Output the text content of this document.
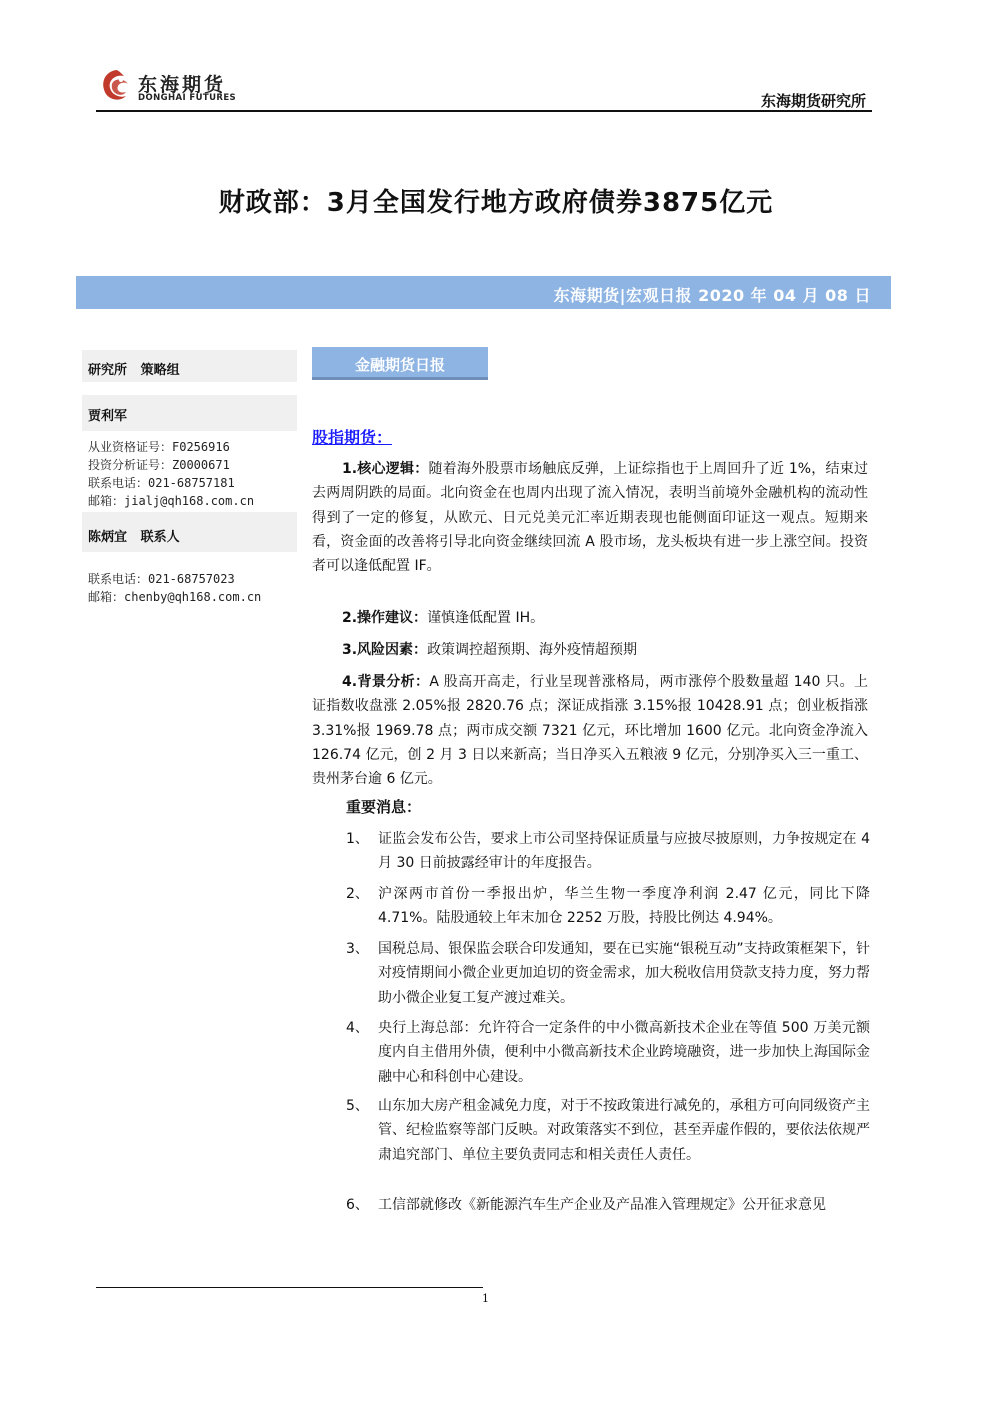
东海期货
DONGHAI FUTURES	东海期货研究所
财政部：3月全国发行地方政府债券3875亿元
东海期货|宏观日报 2020 年 04 月 08 日
研究所   策略组
贾利军
从业资格证号：F0256916
投资分析证号：Z0000671
联系电话：021-68757181
邮箱：jialj@qh168.com.cn
陈炳宜   联系人
联系电话：021-68757023
邮箱：chenby@qh168.com.cn
金融期货日报
股指期货：
1.核心逻辑：随着海外股票市场触底反弹，上证综指也于上周回升了近 1%，结束过去两周阴跌的局面。北向资金在也周内出现了流入情况，表明当前境外金融机构的流动性得到了一定的修复，从欧元、日元兑美元汇率近期表现也能侧面印证这一观点。短期来看，资金面的改善将引导北向资金继续回流 A 股市场，龙头板块有进一步上涨空间。投资者可以逢低配置 IF。
2.操作建议：谨慎逢低配置 IH。
3.风险因素：政策调控超预期、海外疫情超预期
4.背景分析：A 股高开高走，行业呈现普涨格局，两市涨停个股数量超 140 只。上证指数收盘涨 2.05%报 2820.76 点；深证成指涨 3.15%报 10428.91 点；创业板指涨 3.31%报 1969.78 点；两市成交额 7321 亿元，环比增加 1600 亿元。北向资金净流入 126.74 亿元，创 2 月 3 日以来新高；当日净买入五粮液 9 亿元，分别净买入三一重工、贵州茅台逾 6 亿元。
重要消息：
1、 证监会发布公告，要求上市公司坚持保证质量与应披尽披原则，力争按规定在 4 月 30 日前披露经审计的年度报告。
2、 沪深两市首份一季报出炉，华兰生物一季度净利润 2.47 亿元，同比下降 4.71%。陆股通较上年末加仓 2252 万股，持股比例达 4.94%。
3、 国税总局、银保监会联合印发通知，要在已实施“银税互动”支持政策框架下，针对疫情期间小微企业更加迫切的资金需求，加大税收信用贷款支持力度，努力帮助小微企业复工复产渡过难关。
4、 央行上海总部：允许符合一定条件的中小微高新技术企业在等值 500 万美元额度内自主借用外债，便利中小微高新技术企业跨境融资，进一步加快上海国际金融中心和科创中心建设。
5、 山东加大房产租金减免力度，对于不按政策进行减免的，承租方可向同级资产主管、纪检监察等部门反映。对政策落实不到位，甚至弄虚作假的，要依法依规严肃追究部门、单位主要负责同志和相关责任人责任。
6、 工信部就修改《新能源汽车生产企业及产品准入管理规定》公开征求意见
1
